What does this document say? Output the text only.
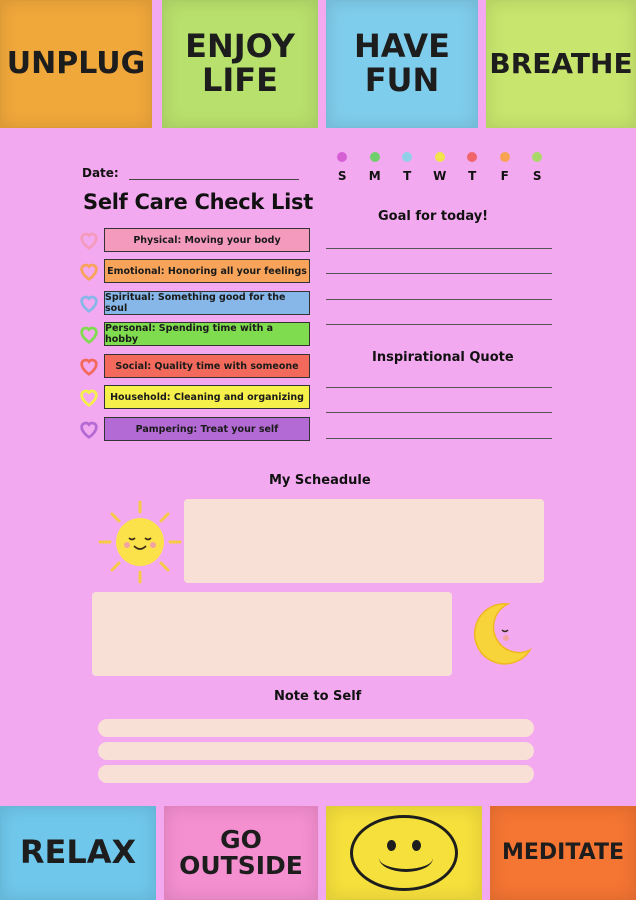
UNPLUG ENJOY
LIFE
HAVE
FUN	BREATHE
Date:	S M T W T F S
Self Care Check List
Physical: Moving your body
Emotional: Honoring all your feelings
Spiritual: Something good for the soul
Personal: Spending time with a hobby
Social: Quality time with someone
Household: Cleaning and organizing
Pampering: Treat your self
Goal for today!
Inspirational Quote
My Scheadule
Note to Self
RELAX	GO
OUTSIDE	MEDITATE
